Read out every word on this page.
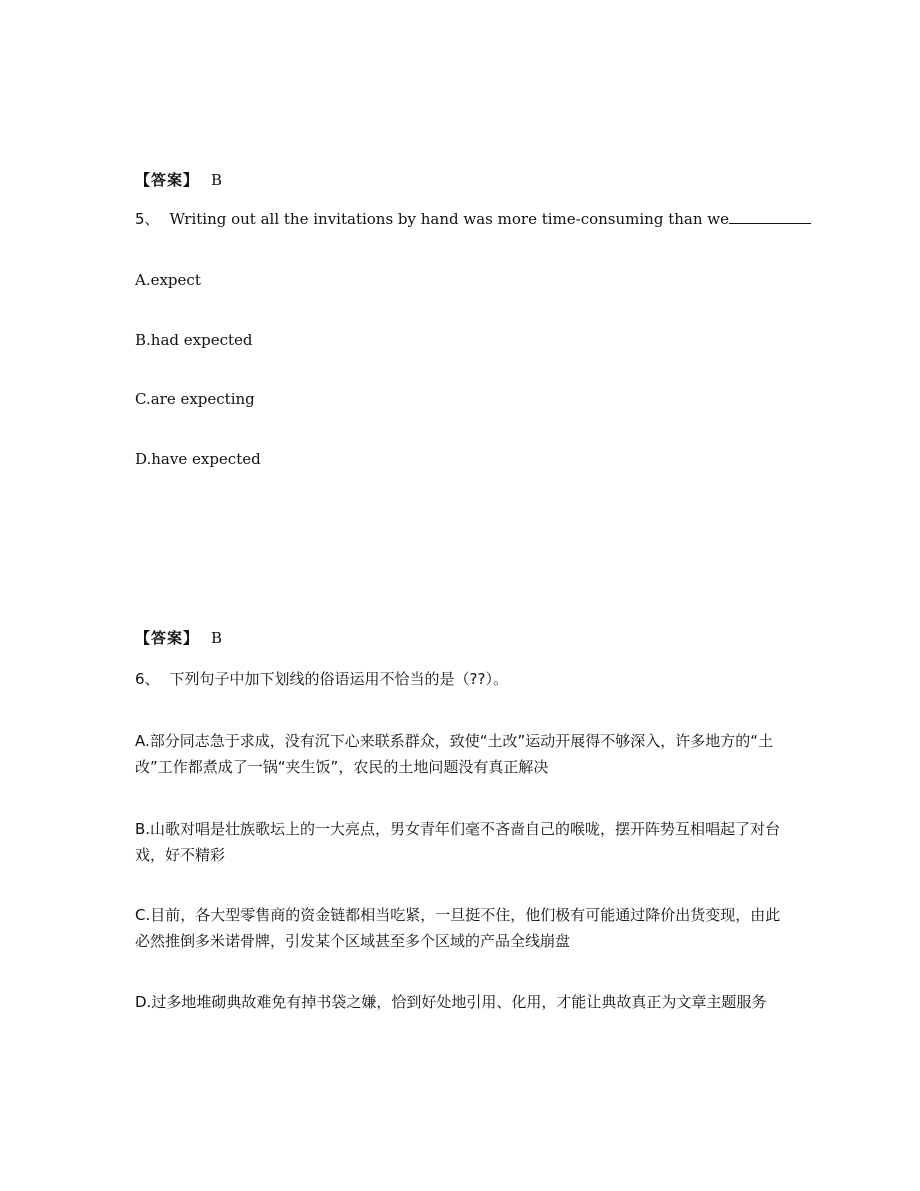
【答案】 B
5、 Writing out all the invitations by hand was more time-consuming than we
A.expect
B.had expected
C.are expecting
D.have expected
【答案】 B
6、 下列句子中加下划线的俗语运用不恰当的是（??）。
A.部分同志急于求成，没有沉下心来联系群众，致使“土改”运动开展得不够深入，许多地方的“土改”工作都煮成了一锅“夹生饭”，农民的土地问题没有真正解决
B.山歌对唱是壮族歌坛上的一大亮点，男女青年们毫不吝啬自己的喉咙，摆开阵势互相唱起了对台戏，好不精彩
C.目前，各大型零售商的资金链都相当吃紧，一旦挺不住，他们极有可能通过降价出货变现，由此必然推倒多米诺骨牌，引发某个区域甚至多个区域的产品全线崩盘
D.过多地堆砌典故难免有掉书袋之嫌，恰到好处地引用、化用，才能让典故真正为文章主题服务
